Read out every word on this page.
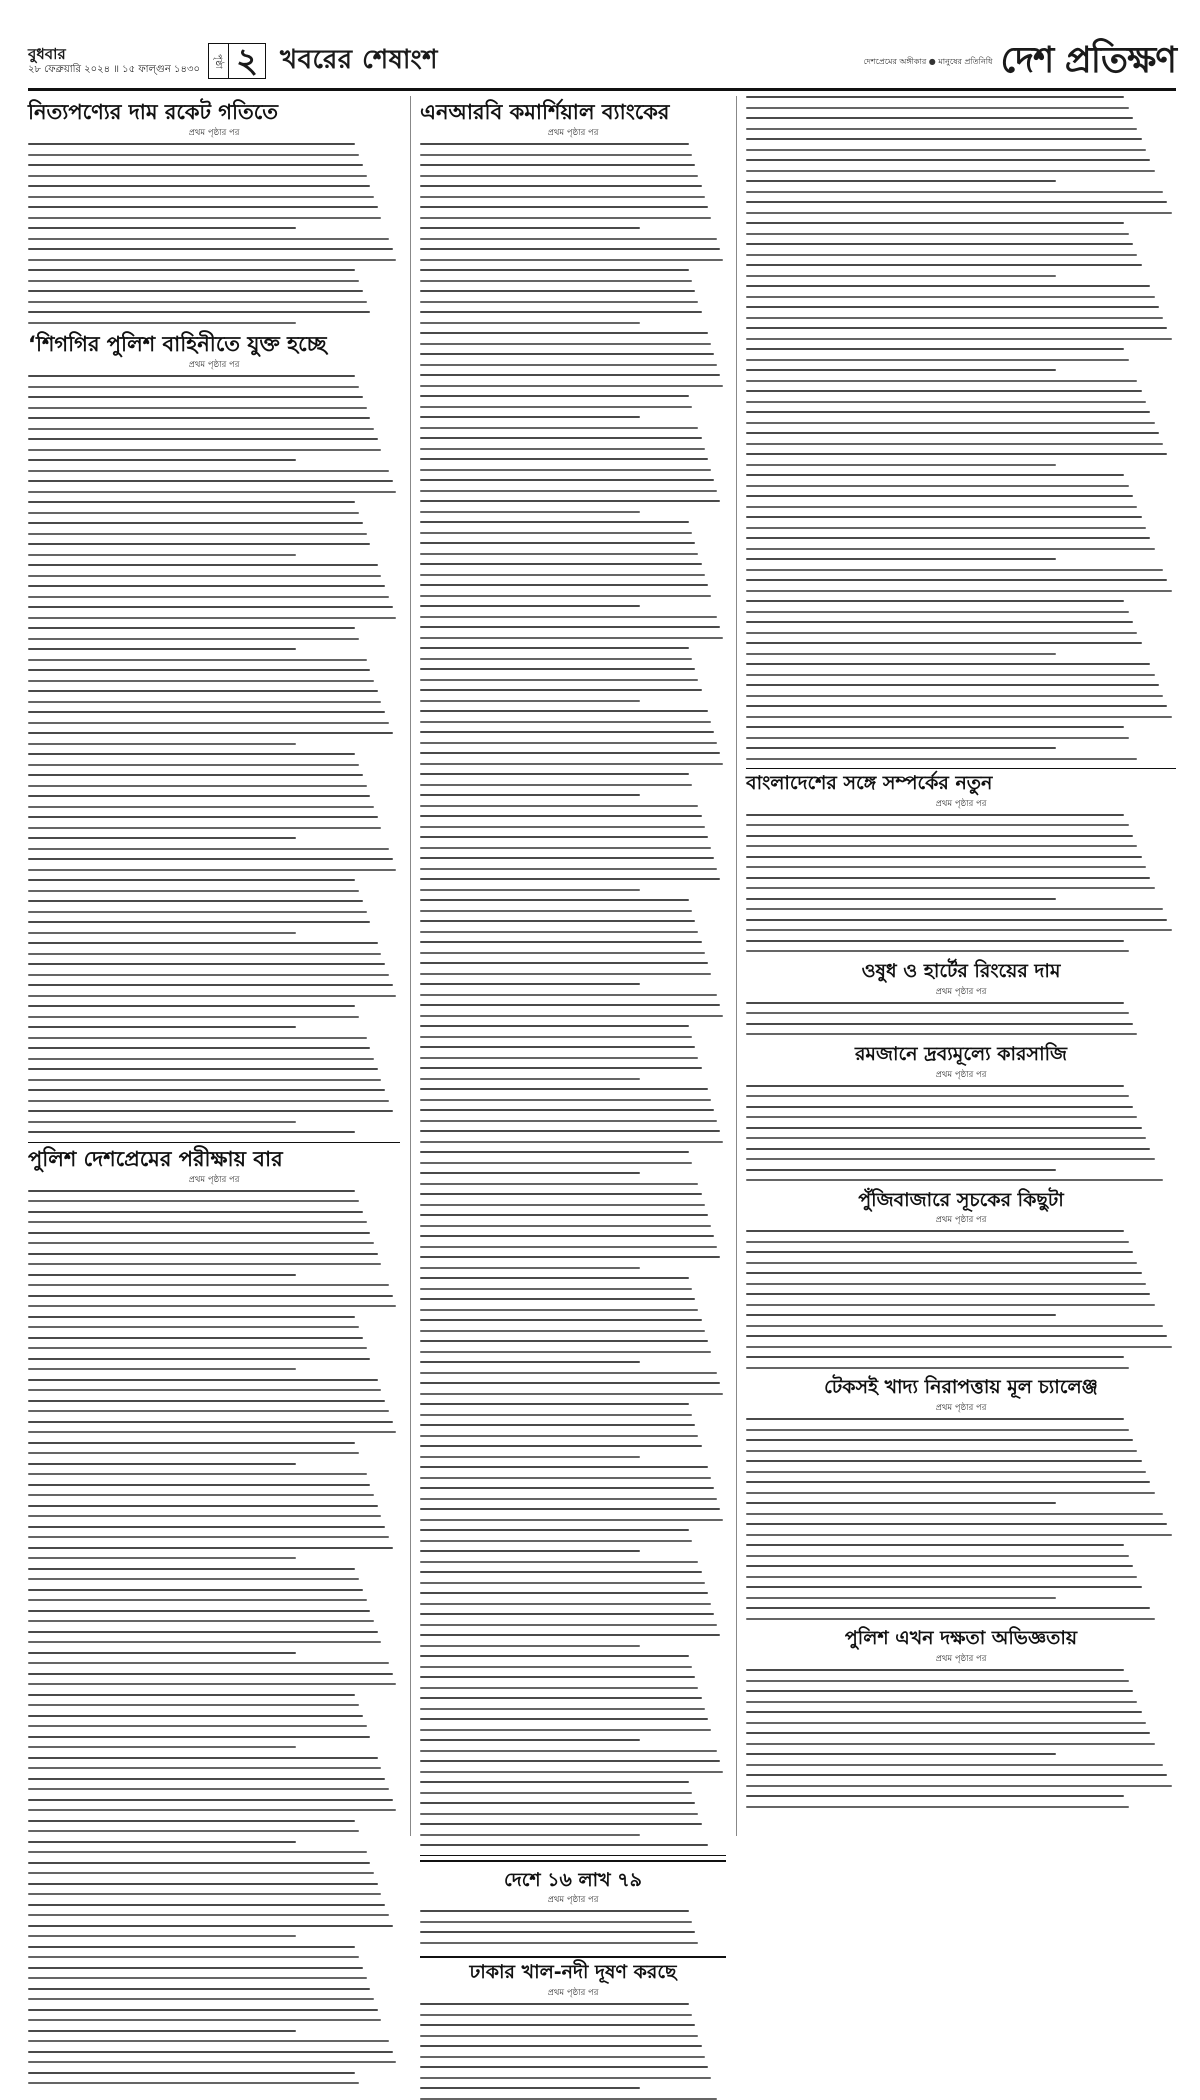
বুধবার
২৮ ফেব্রুয়ারি ২০২৪ ॥ ১৫ ফাল্গুন ১৪৩০
পৃষ্ঠা ২ খবরের শেষাংশ	দেশপ্রেমের অঙ্গীকার ● মানুষের প্রতিনিধি দেশ প্রতিক্ষণ
নিত্যপণ্যের দাম রকেট গতিতে
প্রথম পৃষ্ঠার পর
‘শিগগির পুলিশ বাহিনীতে যুক্ত হচ্ছে
প্রথম পৃষ্ঠার পর
পুলিশ দেশপ্রেমের পরীক্ষায় বার
প্রথম পৃষ্ঠার পর
এনআরবি কমার্শিয়াল ব্যাংকের
প্রথম পৃষ্ঠার পর
দেশে ১৬ লাখ ৭৯
প্রথম পৃষ্ঠার পর
ঢাকার খাল-নদী দূষণ করছে
প্রথম পৃষ্ঠার পর
বাংলাদেশের সঙ্গে সম্পর্কের নতুন
প্রথম পৃষ্ঠার পর
ওষুধ ও হার্টের রিংয়ের দাম
প্রথম পৃষ্ঠার পর
রমজানে দ্রব্যমূল্যে কারসাজি
প্রথম পৃষ্ঠার পর
পুঁজিবাজারে সূচকের কিছুটা
প্রথম পৃষ্ঠার পর
টেকসই খাদ্য নিরাপত্তায় মূল চ্যালেঞ্জ
প্রথম পৃষ্ঠার পর
পুলিশ এখন দক্ষতা অভিজ্ঞতায়
প্রথম পৃষ্ঠার পর
